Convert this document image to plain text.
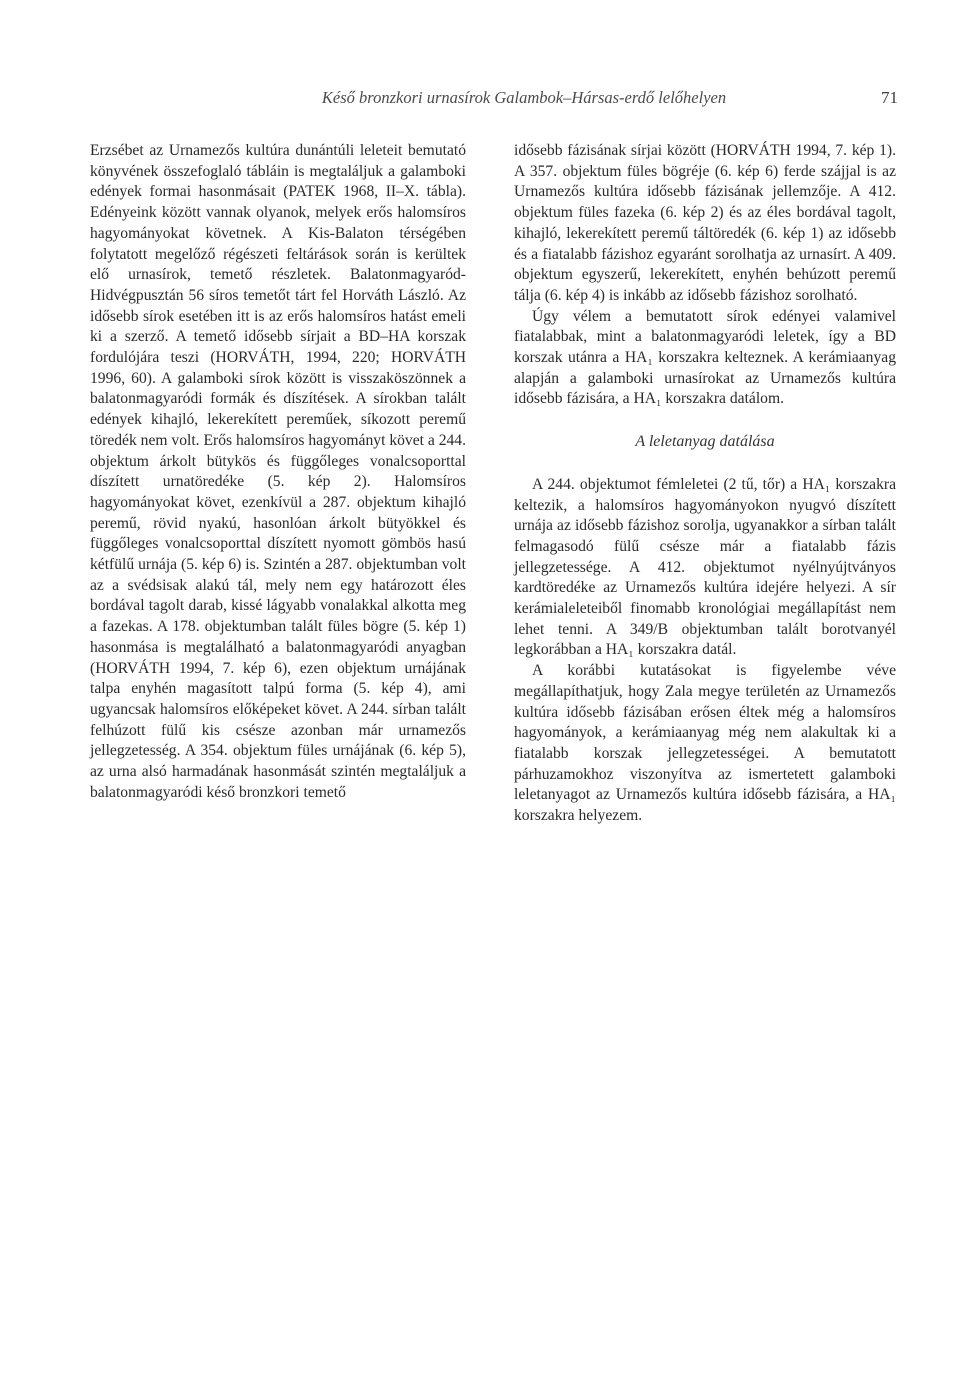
Késő bronzkori urnasírok Galambok–Hársas-erdő lelőhelyen	71

Erzsébet az Urnamezős kultúra dunántúli leleteit bemutató könyvének összefoglaló tábláin is megtaláljuk a galamboki edények formai hasonmásait (PATEK 1968, II–X. tábla). Edényeink között vannak olyanok, melyek erős halomsíros hagyományokat követnek. A Kis-Balaton térségében folytatott megelőző régészeti feltárások során is kerültek elő urnasírok, temető részletek. Balatonmagyaród-Hidvégpusztán 56 síros temetőt tárt fel Horváth László. Az idősebb sírok esetében itt is az erős halomsíros hatást emeli ki a szerző. A temető idősebb sírjait a BD–HA korszak fordulójára teszi (HORVÁTH, 1994, 220; HORVÁTH 1996, 60). A galamboki sírok között is visszaköszönnek a balatonmagyaródi formák és díszítések. A sírokban talált edények kihajló, lekerekített pereműek, síkozott peremű töredék nem volt. Erős halomsíros hagyományt követ a 244. objektum árkolt bütykös és függőleges vonalcsoporttal díszített urnatöredéke (5. kép 2). Halomsíros hagyományokat követ, ezenkívül a 287. objektum kihajló peremű, rövid nyakú, hasonlóan árkolt bütyökkel és függőleges vonalcsoporttal díszített nyomott gömbös hasú kétfülű urnája (5. kép 6) is. Szintén a 287. objektumban volt az a svédsisak alakú tál, mely nem egy határozott éles bordával tagolt darab, kissé lágyabb vonalakkal alkotta meg a fazekas. A 178. objektumban talált füles bögre (5. kép 1) hasonmása is megtalálható a balatonmagyaródi anyagban (HORVÁTH 1994, 7. kép 6), ezen objektum urnájának talpa enyhén magasított talpú forma (5. kép 4), ami ugyancsak halomsíros előképeket követ. A 244. sírban talált felhúzott fülű kis csésze azonban már urnamezős jellegzetesség. A 354. objektum füles urnájának (6. kép 5), az urna alsó harmadának hasonmását szintén megtaláljuk a balatonmagyaródi késő bronzkori temető

idősebb fázisának sírjai között (HORVÁTH 1994, 7. kép 1). A 357. objektum füles bögréje (6. kép 6) ferde szájjal is az Urnamezős kultúra idősebb fázisának jellemzője. A 412. objektum füles fazeka (6. kép 2) és az éles bordával tagolt, kihajló, lekerekített peremű táltöredék (6. kép 1) az idősebb és a fiatalabb fázishoz egyaránt sorolhatja az urnasírt. A 409. objektum egyszerű, lekerekített, enyhén behúzott peremű tálja (6. kép 4) is inkább az idősebb fázishoz sorolható.

Úgy vélem a bemutatott sírok edényei valamivel fiatalabbak, mint a balatonmagyaródi leletek, így a BD korszak utánra a HA₁ korszakra kelteznek. A kerámiaanyag alapján a galamboki urnasírokat az Urnamezős kultúra idősebb fázisára, a HA₁ korszakra datálom.

A leletanyag datálása

A 244. objektumot fémleletei (2 tű, tőr) a HA₁ korszakra keltezik, a halomsíros hagyományokon nyugvó díszített urnája az idősebb fázishoz sorolja, ugyanakkor a sírban talált felmagasodó fülű csésze már a fiatalabb fázis jellegzetessége. A 412. objektumot nyélnyújtványos kardtöredéke az Urnamezős kultúra idejére helyezi. A sír kerámialeleteiből finomabb kronológiai megállapítást nem lehet tenni. A 349/B objektumban talált borotvanyél legkorábban a HA₁ korszakra datál.

A korábbi kutatásokat is figyelembe véve megállapíthatjuk, hogy Zala megye területén az Urnamezős kultúra idősebb fázisában erősen éltek még a halomsíros hagyományok, a kerámiaanyag még nem alakultak ki a fiatalabb korszak jellegzetességei. A bemutatott párhuzamokhoz viszonyítva az ismertetett galamboki leletanyagot az Urnamezős kultúra idősebb fázisára, a HA₁ korszakra helyezem.
